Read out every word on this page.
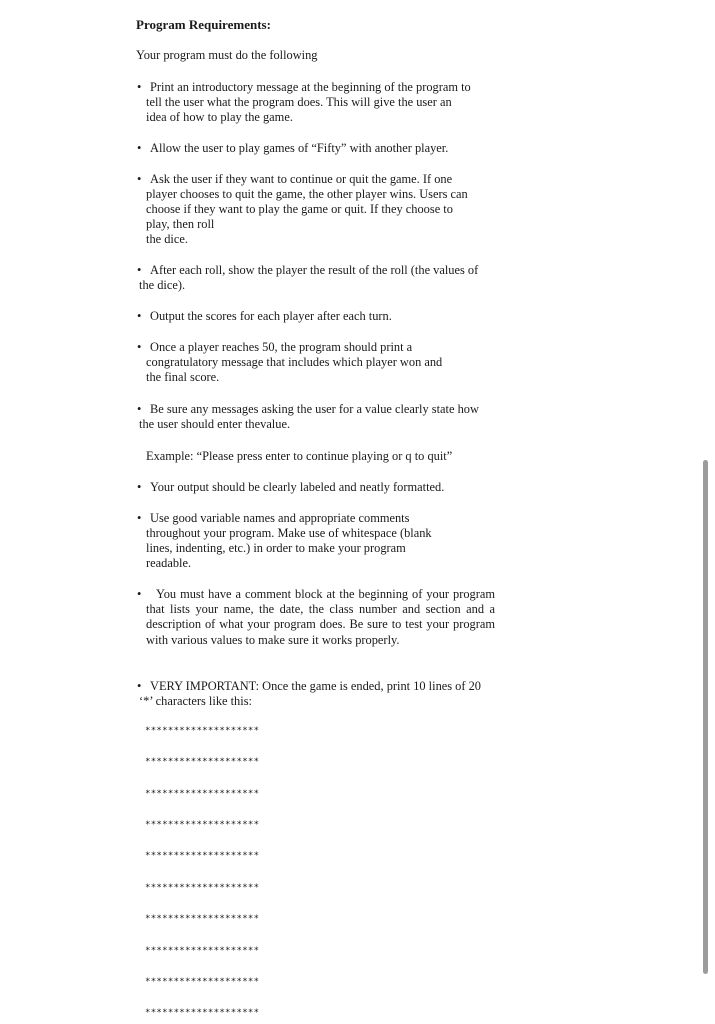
Program Requirements:
Your program must do the following
• Print an introductory message at the beginning of the program to
tell the user what the program does. This will give the user an
idea of how to play the game.
• Allow the user to play games of “Fifty” with another player.
• Ask the user if they want to continue or quit the game. If one
player chooses to quit the game, the other player wins. Users can
choose if they want to play the game or quit. If they choose to
play, then roll
the dice.
• After each roll, show the player the result of the roll (the values of
the dice).
• Output the scores for each player after each turn.
• Once a player reaches 50, the program should print a
congratulatory message that includes which player won and
the final score.
• Be sure any messages asking the user for a value clearly state how
the user should enter thevalue.
Example: “Please press enter to continue playing or q to quit”
• Your output should be clearly labeled and neatly formatted.
• Use good variable names and appropriate comments
throughout your program. Make use of whitespace (blank
lines, indenting, etc.) in order to make your program
readable.
•	You must have a comment block at the beginning of your program that lists your name, the date, the class number and section and a description of what your program does. Be sure to test your program with various values to make sure it works properly.
• VERY IMPORTANT: Once the game is ended, print 10 lines of 20
‘*’ characters like this:
********************
********************
********************
********************
********************
********************
********************
********************
********************
********************
